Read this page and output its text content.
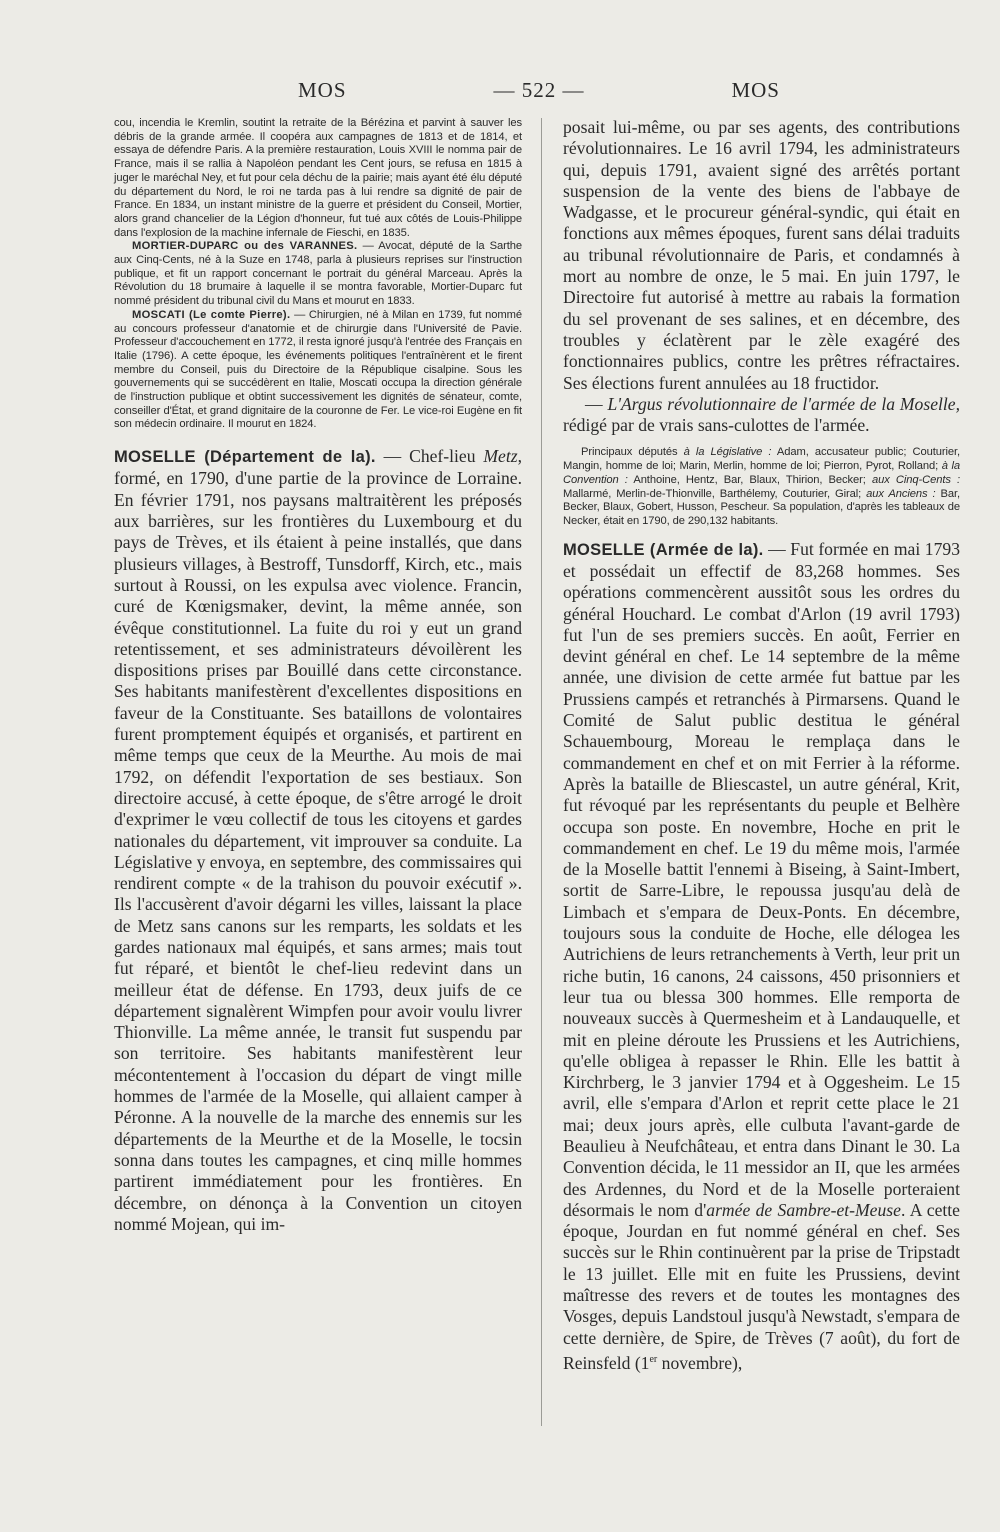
MOS	— 522 —	MOS

cou, incendia le Kremlin, soutint la retraite de la Bérézina et parvint à sauver les débris de la grande armée. Il coopéra aux campagnes de 1813 et de 1814, et essaya de défendre Paris. A la première restauration, Louis XVIII le nomma pair de France, mais il se rallia à Napoléon pendant les Cent jours, se refusa en 1815 à juger le maréchal Ney, et fut pour cela déchu de la pairie; mais ayant été élu député du département du Nord, le roi ne tarda pas à lui rendre sa dignité de pair de France. En 1834, un instant ministre de la guerre et président du Conseil, Mortier, alors grand chancelier de la Légion d'honneur, fut tué aux côtés de Louis-Philippe dans l'explosion de la machine infernale de Fieschi, en 1835.

MORTIER-DUPARC ou des VARANNES. — Avocat, député de la Sarthe aux Cinq-Cents, né à la Suze en 1748, parla à plusieurs reprises sur l'instruction publique, et fit un rapport concernant le portrait du général Marceau. Après la Révolution du 18 brumaire à laquelle il se montra favorable, Mortier-Duparc fut nommé président du tribunal civil du Mans et mourut en 1833.

MOSCATI (Le comte Pierre). — Chirurgien, né à Milan en 1739, fut nommé au concours professeur d'anatomie et de chirurgie dans l'Université de Pavie. Professeur d'accouchement en 1772, il resta ignoré jusqu'à l'entrée des Français en Italie (1796). A cette époque, les événements politiques l'entraînèrent et le firent membre du Conseil, puis du Directoire de la République cisalpine. Sous les gouvernements qui se succédèrent en Italie, Moscati occupa la direction générale de l'instruction publique et obtint successivement les dignités de sénateur, comte, conseiller d'État, et grand dignitaire de la couronne de Fer. Le vice-roi Eugène en fit son médecin ordinaire. Il mourut en 1824.

MOSELLE (Département de la). — Chef-lieu Metz, formé, en 1790, d'une partie de la province de Lorraine. En février 1791, nos paysans maltraitèrent les préposés aux barrières, sur les frontières du Luxembourg et du pays de Trèves, et ils étaient à peine installés, que dans plusieurs villages, à Bestroff, Tunsdorff, Kirch, etc., mais surtout à Roussi, on les expulsa avec violence. Francin, curé de Kœnigsmaker, devint, la même année, son évêque constitutionnel. La fuite du roi y eut un grand retentissement, et ses administrateurs dévoilèrent les dispositions prises par Bouillé dans cette circonstance. Ses habitants manifestèrent d'excellentes dispositions en faveur de la Constituante. Ses bataillons de volontaires furent promptement équipés et organisés, et partirent en même temps que ceux de la Meurthe. Au mois de mai 1792, on défendit l'exportation de ses bestiaux. Son directoire accusé, à cette époque, de s'être arrogé le droit d'exprimer le vœu collectif de tous les citoyens et gardes nationales du département, vit improuver sa conduite. La Législative y envoya, en septembre, des commissaires qui rendirent compte « de la trahison du pouvoir exécutif ». Ils l'accusèrent d'avoir dégarni les villes, laissant la place de Metz sans canons sur les remparts, les soldats et les gardes nationaux mal équipés, et sans armes; mais tout fut réparé, et bientôt le chef-lieu redevint dans un meilleur état de défense. En 1793, deux juifs de ce département signalèrent Wimpfen pour avoir voulu livrer Thionville. La même année, le transit fut suspendu par son territoire. Ses habitants manifestèrent leur mécontentement à l'occasion du départ de vingt mille hommes de l'armée de la Moselle, qui allaient camper à Péronne. A la nouvelle de la marche des ennemis sur les départements de la Meurthe et de la Moselle, le tocsin sonna dans toutes les campagnes, et cinq mille hommes partirent immédiatement pour les frontières. En décembre, on dénonça à la Convention un citoyen nommé Mojean, qui im-

posait lui-même, ou par ses agents, des contributions révolutionnaires. Le 16 avril 1794, les administrateurs qui, depuis 1791, avaient signé des arrêtés portant suspension de la vente des biens de l'abbaye de Wadgasse, et le procureur général-syndic, qui était en fonctions aux mêmes époques, furent sans délai traduits au tribunal révolutionnaire de Paris, et condamnés à mort au nombre de onze, le 5 mai. En juin 1797, le Directoire fut autorisé à mettre au rabais la formation du sel provenant de ses salines, et en décembre, des troubles y éclatèrent par le zèle exagéré des fonctionnaires publics, contre les prêtres réfractaires. Ses élections furent annulées au 18 fructidor.

— L'Argus révolutionnaire de l'armée de la Moselle, rédigé par de vrais sans-culottes de l'armée.

Principaux députés à la Législative : Adam, accusateur public; Couturier, Mangin, homme de loi; Marin, Merlin, homme de loi; Pierron, Pyrot, Rolland; à la Convention : Anthoine, Hentz, Bar, Blaux, Thirion, Becker; aux Cinq-Cents : Mallarmé, Merlin-de-Thionville, Barthélemy, Couturier, Giral; aux Anciens : Bar, Becker, Blaux, Gobert, Husson, Pescheur. Sa population, d'après les tableaux de Necker, était en 1790, de 290,132 habitants.

MOSELLE (Armée de la). — Fut formée en mai 1793 et possédait un effectif de 83,268 hommes. Ses opérations commencèrent aussitôt sous les ordres du général Houchard. Le combat d'Arlon (19 avril 1793) fut l'un de ses premiers succès. En août, Ferrier en devint général en chef. Le 14 septembre de la même année, une division de cette armée fut battue par les Prussiens campés et retranchés à Pirmarsens. Quand le Comité de Salut public destitua le général Schauembourg, Moreau le remplaça dans le commandement en chef et on mit Ferrier à la réforme. Après la bataille de Bliescastel, un autre général, Krit, fut révoqué par les représentants du peuple et Belhère occupa son poste. En novembre, Hoche en prit le commandement en chef. Le 19 du même mois, l'armée de la Moselle battit l'ennemi à Biseing, à Saint-Imbert, sortit de Sarre-Libre, le repoussa jusqu'au delà de Limbach et s'empara de Deux-Ponts. En décembre, toujours sous la conduite de Hoche, elle délogea les Autrichiens de leurs retranchements à Verth, leur prit un riche butin, 16 canons, 24 caissons, 450 prisonniers et leur tua ou blessa 300 hommes. Elle remporta de nouveaux succès à Quermesheim et à Landauquelle, et mit en pleine déroute les Prussiens et les Autrichiens, qu'elle obligea à repasser le Rhin. Elle les battit à Kirchrberg, le 3 janvier 1794 et à Oggesheim. Le 15 avril, elle s'empara d'Arlon et reprit cette place le 21 mai; deux jours après, elle culbuta l'avant-garde de Beaulieu à Neufchâteau, et entra dans Dinant le 30. La Convention décida, le 11 messidor an II, que les armées des Ardennes, du Nord et de la Moselle porteraient désormais le nom d'armée de Sambre-et-Meuse. A cette époque, Jourdan en fut nommé général en chef. Ses succès sur le Rhin continuèrent par la prise de Tripstadt le 13 juillet. Elle mit en fuite les Prussiens, devint maîtresse des revers et de toutes les montagnes des Vosges, depuis Landstoul jusqu'à Newstadt, s'empara de cette dernière, de Spire, de Trèves (7 août), du fort de Reinsfeld (1er novembre),
